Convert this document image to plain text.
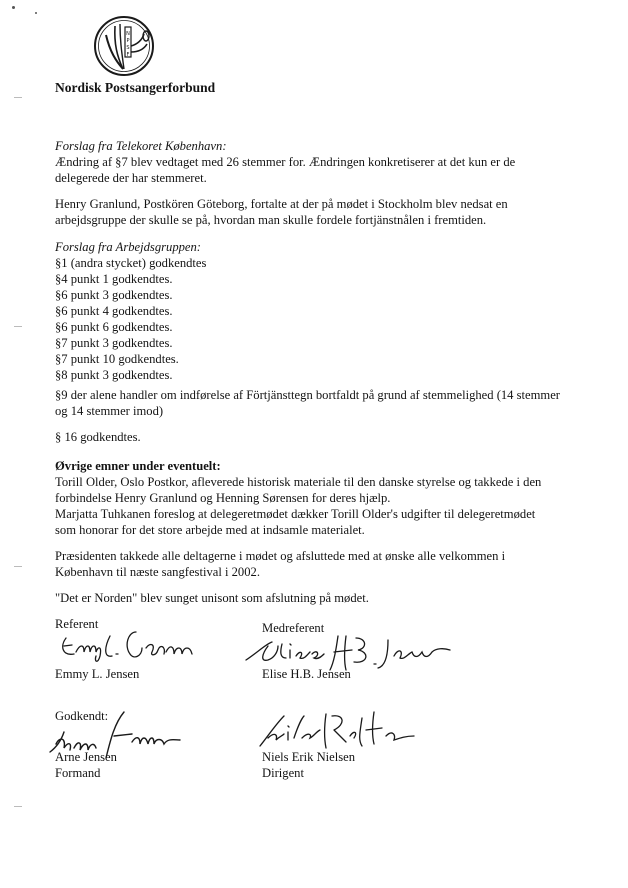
N
P
S
F
Nordisk Postsangerforbund
Forslag fra Telekoret København:
Ændring af §7 blev vedtaget med 26 stemmer for. Ændringen konkretiserer at det kun er de
delegerede der har stemmeret.
Henry Granlund, Postkören Göteborg, fortalte at der på mødet i Stockholm blev nedsat en
arbejdsgruppe der skulle se på, hvordan man skulle fordele fortjänstnålen i fremtiden.
Forslag fra Arbejdsgruppen:
§1 (andra stycket) godkendtes
§4 punkt 1 godkendtes.
§6 punkt 3 godkendtes.
§6 punkt 4 godkendtes.
§6 punkt 6 godkendtes.
§7 punkt 3 godkendtes.
§7 punkt 10 godkendtes.
§8 punkt 3 godkendtes.
§9 der alene handler om indførelse af Förtjänsttegn bortfaldt på grund af stemmelighed (14 stemmer
og 14 stemmer imod)
§ 16 godkendtes.
Øvrige emner under eventuelt:
Torill Older, Oslo Postkor, afleverede historisk materiale til den danske styrelse og takkede i den
forbindelse Henry Granlund og Henning Sørensen for deres hjælp.
Marjatta Tuhkanen foreslog at delegeretmødet dækker Torill Older's udgifter til delegeretmødet
som honorar for det store arbejde med at indsamle materialet.
Præsidenten takkede alle deltagerne i mødet og afsluttede med at ønske alle velkommen i
København til næste sangfestival i 2002.
"Det er Norden" blev sunget unisont som afslutning på mødet.
Referent	Medreferent
Emmy L. Jensen	Elise H.B. Jensen
Godkendt:
Arne Jensen
Formand
Niels Erik Nielsen
Dirigent
